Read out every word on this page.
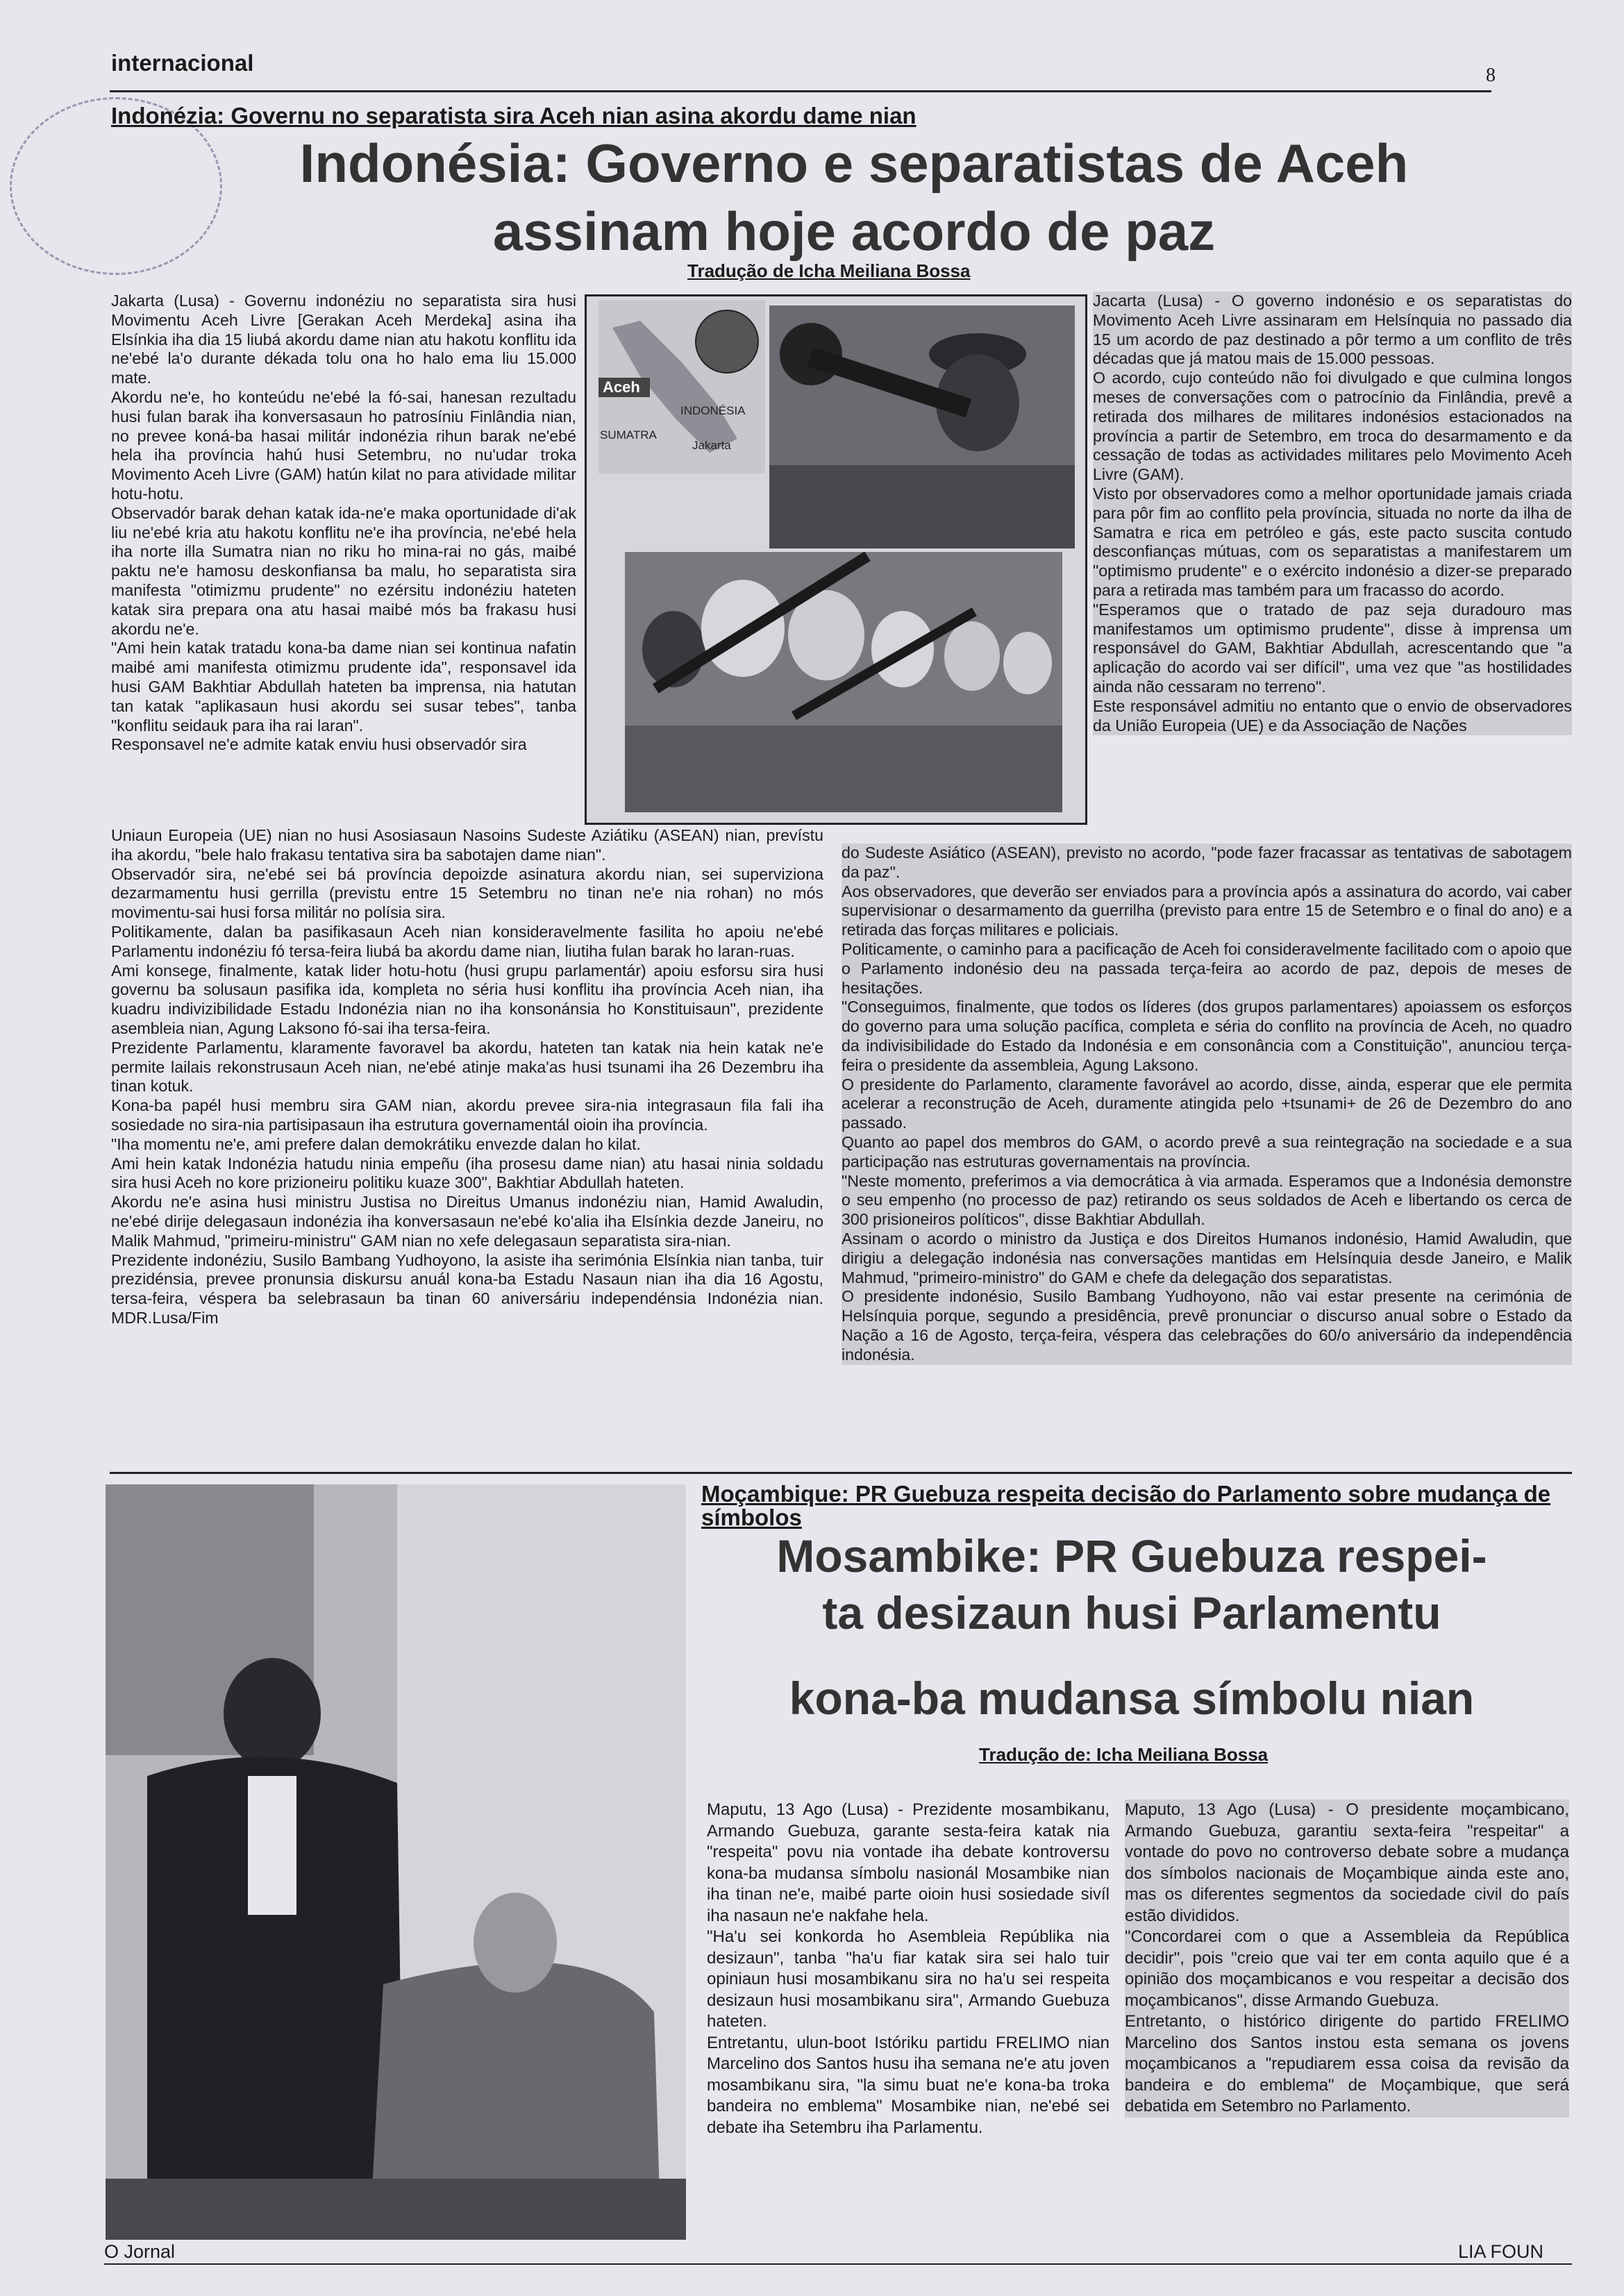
internacional	8
Indonézia: Governu no separatista sira Aceh nian asina akordu dame nian
Indonésia: Governo e separatistas de Aceh assinam hoje acordo de paz
Tradução de Icha Meiliana Bossa

Jakarta (Lusa) - Governu indonéziu no separatista sira husi Movimentu Aceh Livre [Gerakan Aceh Merdeka] asina iha Elsínkia iha dia 15 liubá akordu dame nian atu hakotu konflitu ida ne'ebé la'o durante dékada tolu ona ho halo ema liu 15.000 mate.

Akordu ne'e, ho konteúdu ne'ebé la fó-sai, hanesan rezultadu husi fulan barak iha konversasaun ho patrosíniu Finlândia nian, no prevee koná-ba hasai militár indonézia rihun barak ne'ebé hela iha província hahú husi Setembru, no nu'udar troka Movimento Aceh Livre (GAM) hatún kilat no para atividade militar hotu-hotu.

Observadór barak dehan katak ida-ne'e maka oportunidade di'ak liu ne'ebé kria atu hakotu konflitu ne'e iha província, ne'ebé hela iha norte illa Sumatra nian no riku ho mina-rai no gás, maibé paktu ne'e hamosu deskonfiansa ba malu, ho separatista sira manifesta "otimizmu prudente" no ezérsitu indonéziu hateten katak sira prepara ona atu hasai maibé mós ba frakasu husi akordu ne'e.

"Ami hein katak tratadu kona-ba dame nian sei kontinua nafatin maibé ami manifesta otimizmu prudente ida", responsavel ida husi GAM Bakhtiar Abdullah hateten ba imprensa, nia hatutan tan katak "aplikasaun husi akordu sei susar tebes", tanba "konflitu seidauk para iha rai laran".

Responsavel ne'e admite katak enviu husi observadór sira

Aceh
SUMATRA
INDONÉSIA
Jakarta

Jacarta (Lusa) - O governo indonésio e os separatistas do Movimento Aceh Livre assinaram em Helsínquia no passado dia 15 um acordo de paz destinado a pôr termo a um conflito de três décadas que já matou mais de 15.000 pessoas.

O acordo, cujo conteúdo não foi divulgado e que culmina longos meses de conversações com o patrocínio da Finlândia, prevê a retirada dos milhares de militares indonésios estacionados na província a partir de Setembro, em troca do desarmamento e da cessação de todas as actividades militares pelo Movimento Aceh Livre (GAM).

Visto por observadores como a melhor oportunidade jamais criada para pôr fim ao conflito pela província, situada no norte da ilha de Samatra e rica em petróleo e gás, este pacto suscita contudo desconfianças mútuas, com os separatistas a manifestarem um "optimismo prudente" e o exército indonésio a dizer-se preparado para a retirada mas também para um fracasso do acordo.

"Esperamos que o tratado de paz seja duradouro mas manifestamos um optimismo prudente", disse à imprensa um responsável do GAM, Bakhtiar Abdullah, acrescentando que "a aplicação do acordo vai ser difícil", uma vez que "as hostilidades ainda não cessaram no terreno".

Este responsável admitiu no entanto que o envio de observadores da União Europeia (UE) e da Associação de Nações

Uniaun Europeia (UE) nian no husi Asosiasaun Nasoins Sudeste Aziátiku (ASEAN) nian, prevístu iha akordu, "bele halo frakasu tentativa sira ba sabotajen dame nian".

Observadór sira, ne'ebé sei bá província depoizde asinatura akordu nian, sei superviziona dezarmamentu husi gerrilla (previstu entre 15 Setembru no tinan ne'e nia rohan) no mós movimentu-sai husi forsa militár no polísia sira.

Politikamente, dalan ba pasifikasaun Aceh nian konsideravelmente fasilita ho apoiu ne'ebé Parlamentu indonéziu fó tersa-feira liubá ba akordu dame nian, liutiha fulan barak ho laran-ruas.

Ami konsege, finalmente, katak lider hotu-hotu (husi grupu parlamentár) apoiu esforsu sira husi governu ba solusaun pasifika ida, kompleta no séria husi konflitu iha província Aceh nian, iha kuadru indivizibilidade Estadu Indonézia nian no iha konsonánsia ho Konstituisaun", prezidente asembleia nian, Agung Laksono fó-sai iha tersa-feira.

Prezidente Parlamentu, klaramente favoravel ba akordu, hateten tan katak nia hein katak ne'e permite lailais rekonstrusaun Aceh nian, ne'ebé atinje maka'as husi tsunami iha 26 Dezembru iha tinan kotuk.

Kona-ba papél husi membru sira GAM nian, akordu prevee sira-nia integrasaun fila fali iha sosiedade no sira-nia partisipasaun iha estrutura governamentál oioin iha província.

"Iha momentu ne'e, ami prefere dalan demokrátiku envezde dalan ho kilat.

Ami hein katak Indonézia hatudu ninia empeñu (iha prosesu dame nian) atu hasai ninia soldadu sira husi Aceh no kore prizioneiru politiku kuaze 300", Bakhtiar Abdullah hateten.

Akordu ne'e asina husi ministru Justisa no Direitus Umanus indonéziu nian, Hamid Awaludin, ne'ebé dirije delegasaun indonézia iha konversasaun ne'ebé ko'alia iha Elsínkia dezde Janeiru, no Malik Mahmud, "primeiru-ministru" GAM nian no xefe delegasaun separatista sira-nian.

Prezidente indonéziu, Susilo Bambang Yudhoyono, la asiste iha serimónia Elsínkia nian tanba, tuir prezidénsia, prevee pronunsia diskursu anuál kona-ba Estadu Nasaun nian iha dia 16 Agostu, tersa-feira, véspera ba selebrasaun ba tinan 60 aniversáriu independénsia Indonézia nian. MDR.Lusa/Fim

do Sudeste Asiático (ASEAN), previsto no acordo, "pode fazer fracassar as tentativas de sabotagem da paz".

Aos observadores, que deverão ser enviados para a província após a assinatura do acordo, vai caber supervisionar o desarmamento da guerrilha (previsto para entre 15 de Setembro e o final do ano) e a retirada das forças militares e policiais.

Politicamente, o caminho para a pacificação de Aceh foi consideravelmente facilitado com o apoio que o Parlamento indonésio deu na passada terça-feira ao acordo de paz, depois de meses de hesitações.

"Conseguimos, finalmente, que todos os líderes (dos grupos parlamentares) apoiassem os esforços do governo para uma solução pacífica, completa e séria do conflito na província de Aceh, no quadro da indivisibilidade do Estado da Indonésia e em consonância com a Constituição", anunciou terça-feira o presidente da assembleia, Agung Laksono.

O presidente do Parlamento, claramente favorável ao acordo, disse, ainda, esperar que ele permita acelerar a reconstrução de Aceh, duramente atingida pelo +tsunami+ de 26 de Dezembro do ano passado.

Quanto ao papel dos membros do GAM, o acordo prevê a sua reintegração na sociedade e a sua participação nas estruturas governamentais na província.

"Neste momento, preferimos a via democrática à via armada. Esperamos que a Indonésia demonstre o seu empenho (no processo de paz) retirando os seus soldados de Aceh e libertando os cerca de 300 prisioneiros políticos", disse Bakhtiar Abdullah.

Assinam o acordo o ministro da Justiça e dos Direitos Humanos indonésio, Hamid Awaludin, que dirigiu a delegação indonésia nas conversações mantidas em Helsínquia desde Janeiro, e Malik Mahmud, "primeiro-ministro" do GAM e chefe da delegação dos separatistas.

O presidente indonésio, Susilo Bambang Yudhoyono, não vai estar presente na cerimónia de Helsínquia porque, segundo a presidência, prevê pronunciar o discurso anual sobre o Estado da Nação a 16 de Agosto, terça-feira, véspera das celebrações do 60/o aniversário da independência indonésia.

Moçambique: PR Guebuza respeita decisão do Parlamento sobre mudança de símbolos
Mosambike: PR Guebuza respei-
ta desizaun husi Parlamentu
kona-ba mudansa símbolu nian
Tradução de: Icha Meiliana Bossa

Maputu, 13 Ago (Lusa) - Prezidente mosambikanu, Armando Guebuza, garante sesta-feira katak nia "respeita" povu nia vontade iha debate kontroversu kona-ba mudansa símbolu nasionál Mosambike nian iha tinan ne'e, maibé parte oioin husi sosiedade sivíl iha nasaun ne'e nakfahe hela.

"Ha'u sei konkorda ho Asembleia Repúblika nia desizaun", tanba "ha'u fiar katak sira sei halo tuir opiniaun husi mosambikanu sira no ha'u sei respeita desizaun husi mosambikanu sira", Armando Guebuza hateten.

Entretantu, ulun-boot Istóriku partidu FRELIMO nian Marcelino dos Santos husu iha semana ne'e atu joven mosambikanu sira, "la simu buat ne'e kona-ba troka bandeira no emblema" Mosambike nian, ne'ebé sei debate iha Setembru iha Parlamentu.

Maputo, 13 Ago (Lusa) - O presidente moçambicano, Armando Guebuza, garantiu sexta-feira "respeitar" a vontade do povo no controverso debate sobre a mudança dos símbolos nacionais de Moçambique ainda este ano, mas os diferentes segmentos da sociedade civil do país estão divididos.

"Concordarei com o que a Assembleia da República decidir", pois "creio que vai ter em conta aquilo que é a opinião dos moçambicanos e vou respeitar a decisão dos moçambicanos", disse Armando Guebuza.

Entretanto, o histórico dirigente do partido FRELIMO Marcelino dos Santos instou esta semana os jovens moçambicanos a "repudiarem essa coisa da revisão da bandeira e do emblema" de Moçambique, que será debatida em Setembro no Parlamento.

O Jornal	LIA FOUN
